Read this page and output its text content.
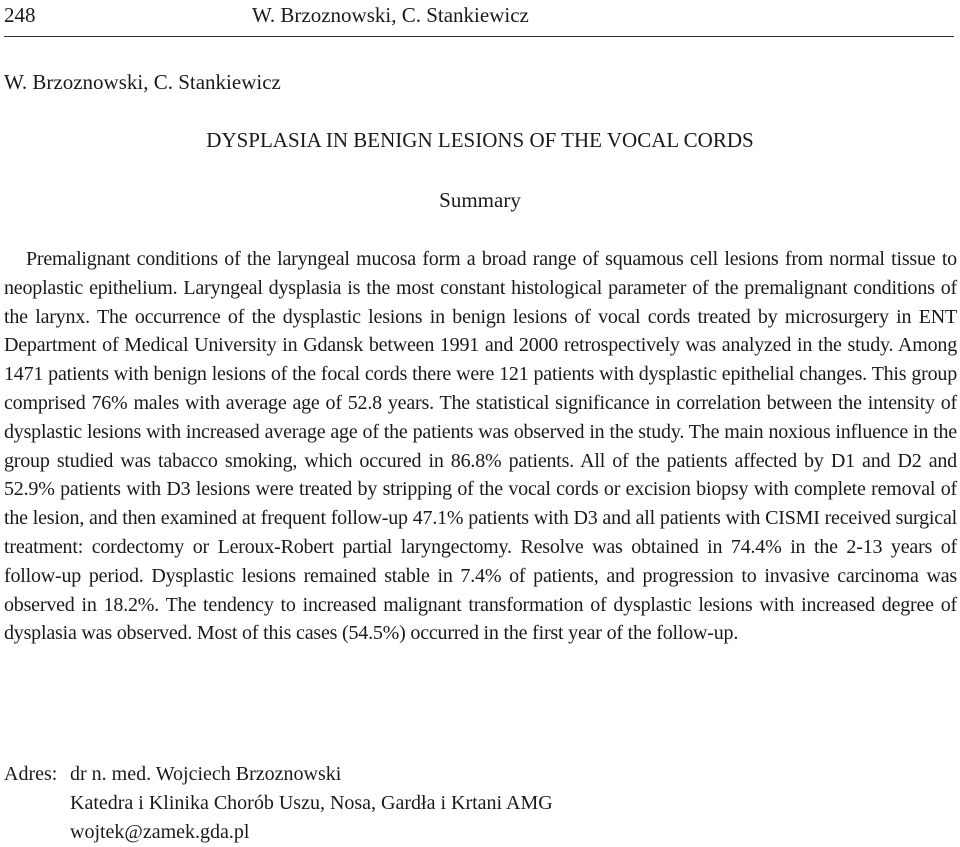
248	W. Brzoznowski, C. Stankiewicz
W. Brzoznowski, C. Stankiewicz
DYSPLASIA IN BENIGN LESIONS OF THE VOCAL CORDS
Summary

Premalignant conditions of the laryngeal mucosa form a broad range of squamous cell lesions from normal tissue to neoplastic epithelium. Laryngeal dysplasia is the most constant histological parameter of the premalignant conditions of the larynx. The occurrence of the dysplastic lesions in benign lesions of vocal cords treated by microsurgery in ENT Department of Medical University in Gdansk between 1991 and 2000 retrospectively was analyzed in the study. Among 1471 patients with benign lesions of the focal cords there were 121 patients with dysplastic epithelial changes. This group comprised 76% males with average age of 52.8 years. The statistical significance in correlation between the intensity of dysplastic lesions with increased average age of the patients was observed in the study. The main noxious influence in the group studied was tabacco smoking, which occured in 86.8% patients. All of the patients affected by D1 and D2 and 52.9% patients with D3 lesions were treated by stripping of the vocal cords or excision biopsy with complete removal of the lesion, and then examined at frequent follow-up 47.1% patients with D3 and all patients with CISMI received surgical treatment: cordectomy or Leroux-Robert partial laryngectomy. Resolve was obtained in 74.4% in the 2-13 years of follow-up period. Dysplastic lesions remained stable in 7.4% of patients, and progression to invasive carcinoma was observed in 18.2%. The tendency to increased malignant transformation of dysplastic lesions with increased degree of dysplasia was observed. Most of this cases (54.5%) occurred in the first year of the follow-up.

Adres: dr n. med. Wojciech Brzoznowski
Katedra i Klinika Chorób Uszu, Nosa, Gardła i Krtani AMG
wojtek@zamek.gda.pl
